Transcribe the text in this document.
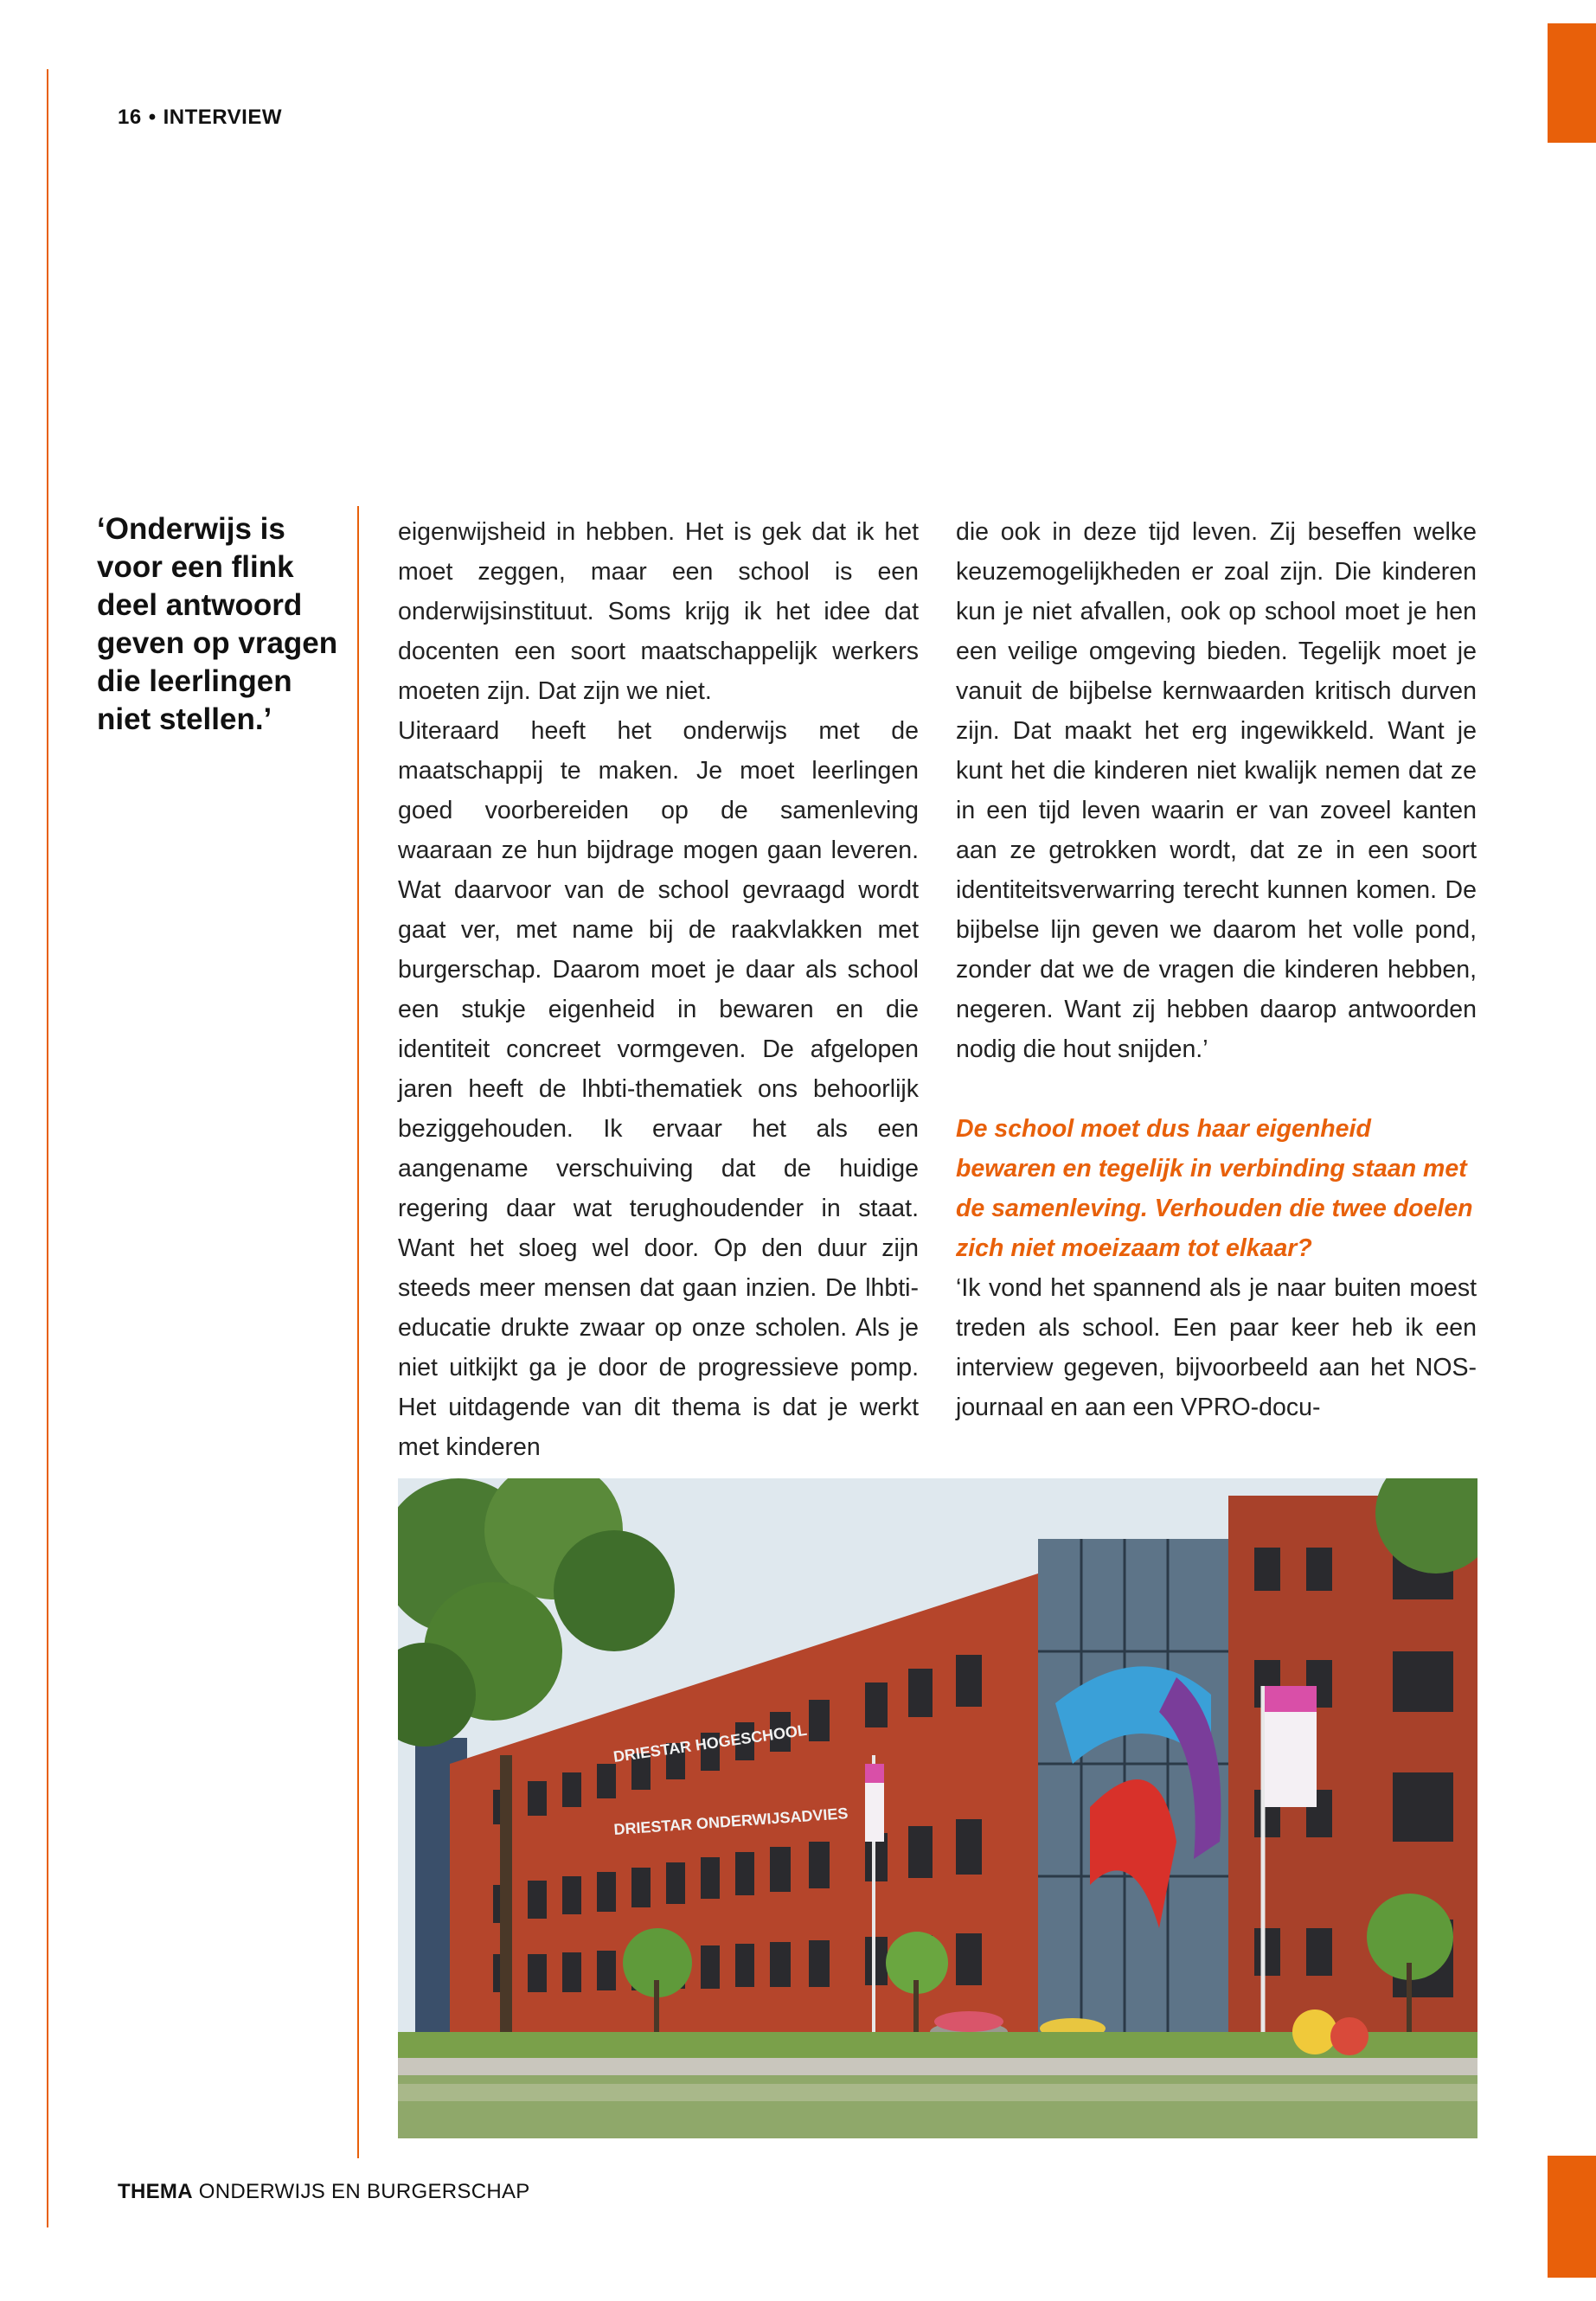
16 • INTERVIEW
‘Onderwijs is voor een flink deel antwoord geven op vragen die leerlingen niet stellen.’

eigenwijsheid in hebben. Het is gek dat ik het moet zeggen, maar een school is een onderwijsinstituut. Soms krijg ik het idee dat docenten een soort maatschappelijk werkers moeten zijn. Dat zijn we niet.

Uiteraard heeft het onderwijs met de maatschappij te maken. Je moet leerlingen goed voorbereiden op de samenleving waaraan ze hun bijdrage mogen gaan leveren. Wat daarvoor van de school gevraagd wordt gaat ver, met name bij de raakvlakken met burgerschap. Daarom moet je daar als school een stukje eigenheid in bewaren en die identiteit concreet vormgeven. De afgelopen jaren heeft de lhbti-thematiek ons behoorlijk beziggehouden. Ik ervaar het als een aangename verschuiving dat de huidige regering daar wat terughoudender in staat. Want het sloeg wel door. Op den duur zijn steeds meer mensen dat gaan inzien. De lhbti-educatie drukte zwaar op onze scholen. Als je niet uitkijkt ga je door de progressieve pomp. Het uitdagende van dit thema is dat je werkt met kinderen

die ook in deze tijd leven. Zij beseffen welke keuzemogelijkheden er zoal zijn. Die kinderen kun je niet afvallen, ook op school moet je hen een veilige omgeving bieden. Tegelijk moet je vanuit de bijbelse kernwaarden kritisch durven zijn. Dat maakt het erg ingewikkeld. Want je kunt het die kinderen niet kwalijk nemen dat ze in een tijd leven waarin er van zoveel kanten aan ze getrokken wordt, dat ze in een soort identiteitsverwarring terecht kunnen komen. De bijbelse lijn geven we daarom het volle pond, zonder dat we de vragen die kinderen hebben, negeren. Want zij hebben daarop antwoorden nodig die hout snijden.’

De school moet dus haar eigenheid bewaren en tegelijk in verbinding staan met de samenleving. Verhouden die twee doelen zich niet moeizaam tot elkaar?

‘Ik vond het spannend als je naar buiten moest treden als school. Een paar keer heb ik een interview gegeven, bijvoorbeeld aan het NOS-journaal en aan een VPRO-docu-

DRIESTAR HOGESCHOOL
DRIESTAR ONDERWIJSADVIES
THEMA ONDERWIJS EN BURGERSCHAP
